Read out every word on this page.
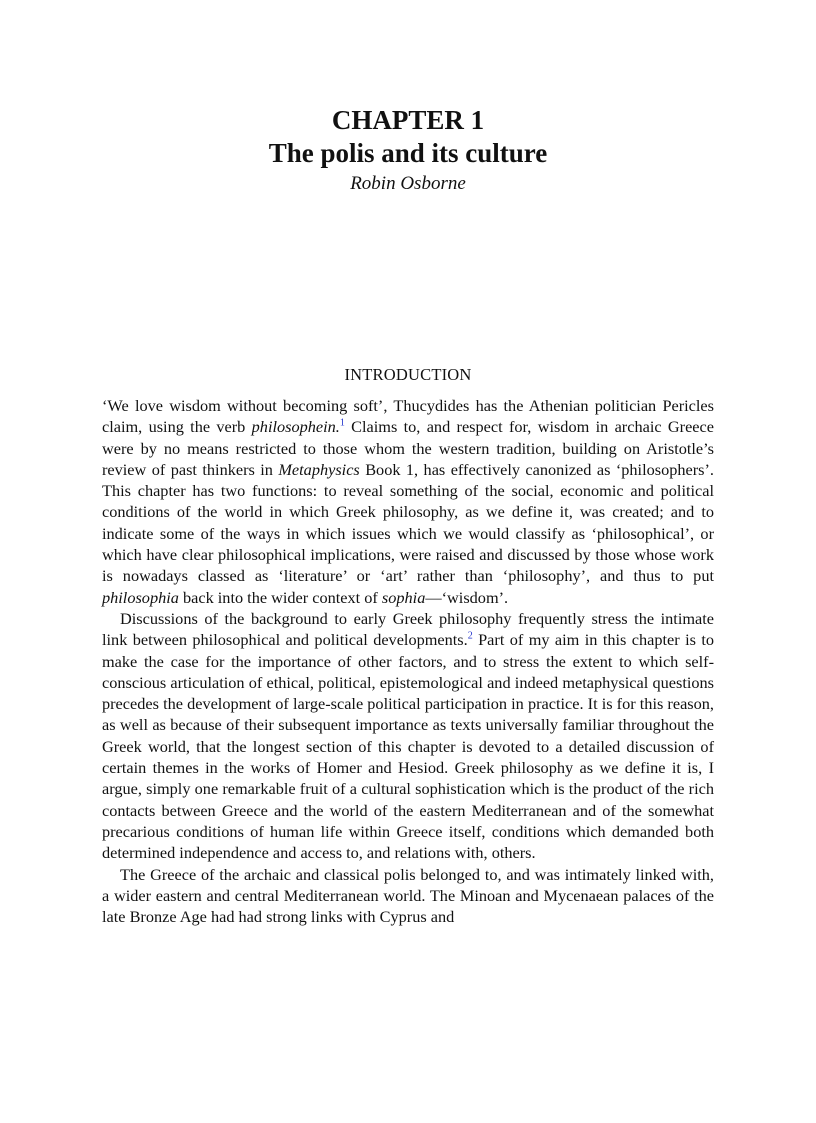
CHAPTER 1
The polis and its culture
Robin Osborne
INTRODUCTION

‘We love wisdom without becoming soft’, Thucydides has the Athenian politician Pericles claim, using the verb philosophein.$^1$ Claims to, and respect for, wisdom in archaic Greece were by no means restricted to those whom the western tradition, building on Aristotle’s review of past thinkers in Metaphysics Book 1, has effectively canonized as ‘philosophers’. This chapter has two functions: to reveal something of the social, economic and political conditions of the world in which Greek philosophy, as we define it, was created; and to indicate some of the ways in which issues which we would classify as ‘philosophical’, or which have clear philosophical implications, were raised and discussed by those whose work is nowadays classed as ‘literature’ or ‘art’ rather than ‘philosophy’, and thus to put philosophia back into the wider context of sophia—‘wisdom’.

Discussions of the background to early Greek philosophy frequently stress the intimate link between philosophical and political developments.$^2$ Part of my aim in this chapter is to make the case for the importance of other factors, and to stress the extent to which self-conscious articulation of ethical, political, epistemological and indeed metaphysical questions precedes the development of large-scale political participation in practice. It is for this reason, as well as because of their subsequent importance as texts universally familiar throughout the Greek world, that the longest section of this chapter is devoted to a detailed discussion of certain themes in the works of Homer and Hesiod. Greek philosophy as we define it is, I argue, simply one remarkable fruit of a cultural sophistication which is the product of the rich contacts between Greece and the world of the eastern Mediterranean and of the somewhat precarious conditions of human life within Greece itself, conditions which demanded both determined independence and access to, and relations with, others.

The Greece of the archaic and classical polis belonged to, and was intimately linked with, a wider eastern and central Mediterranean world. The Minoan and Mycenaean palaces of the late Bronze Age had had strong links with Cyprus and
